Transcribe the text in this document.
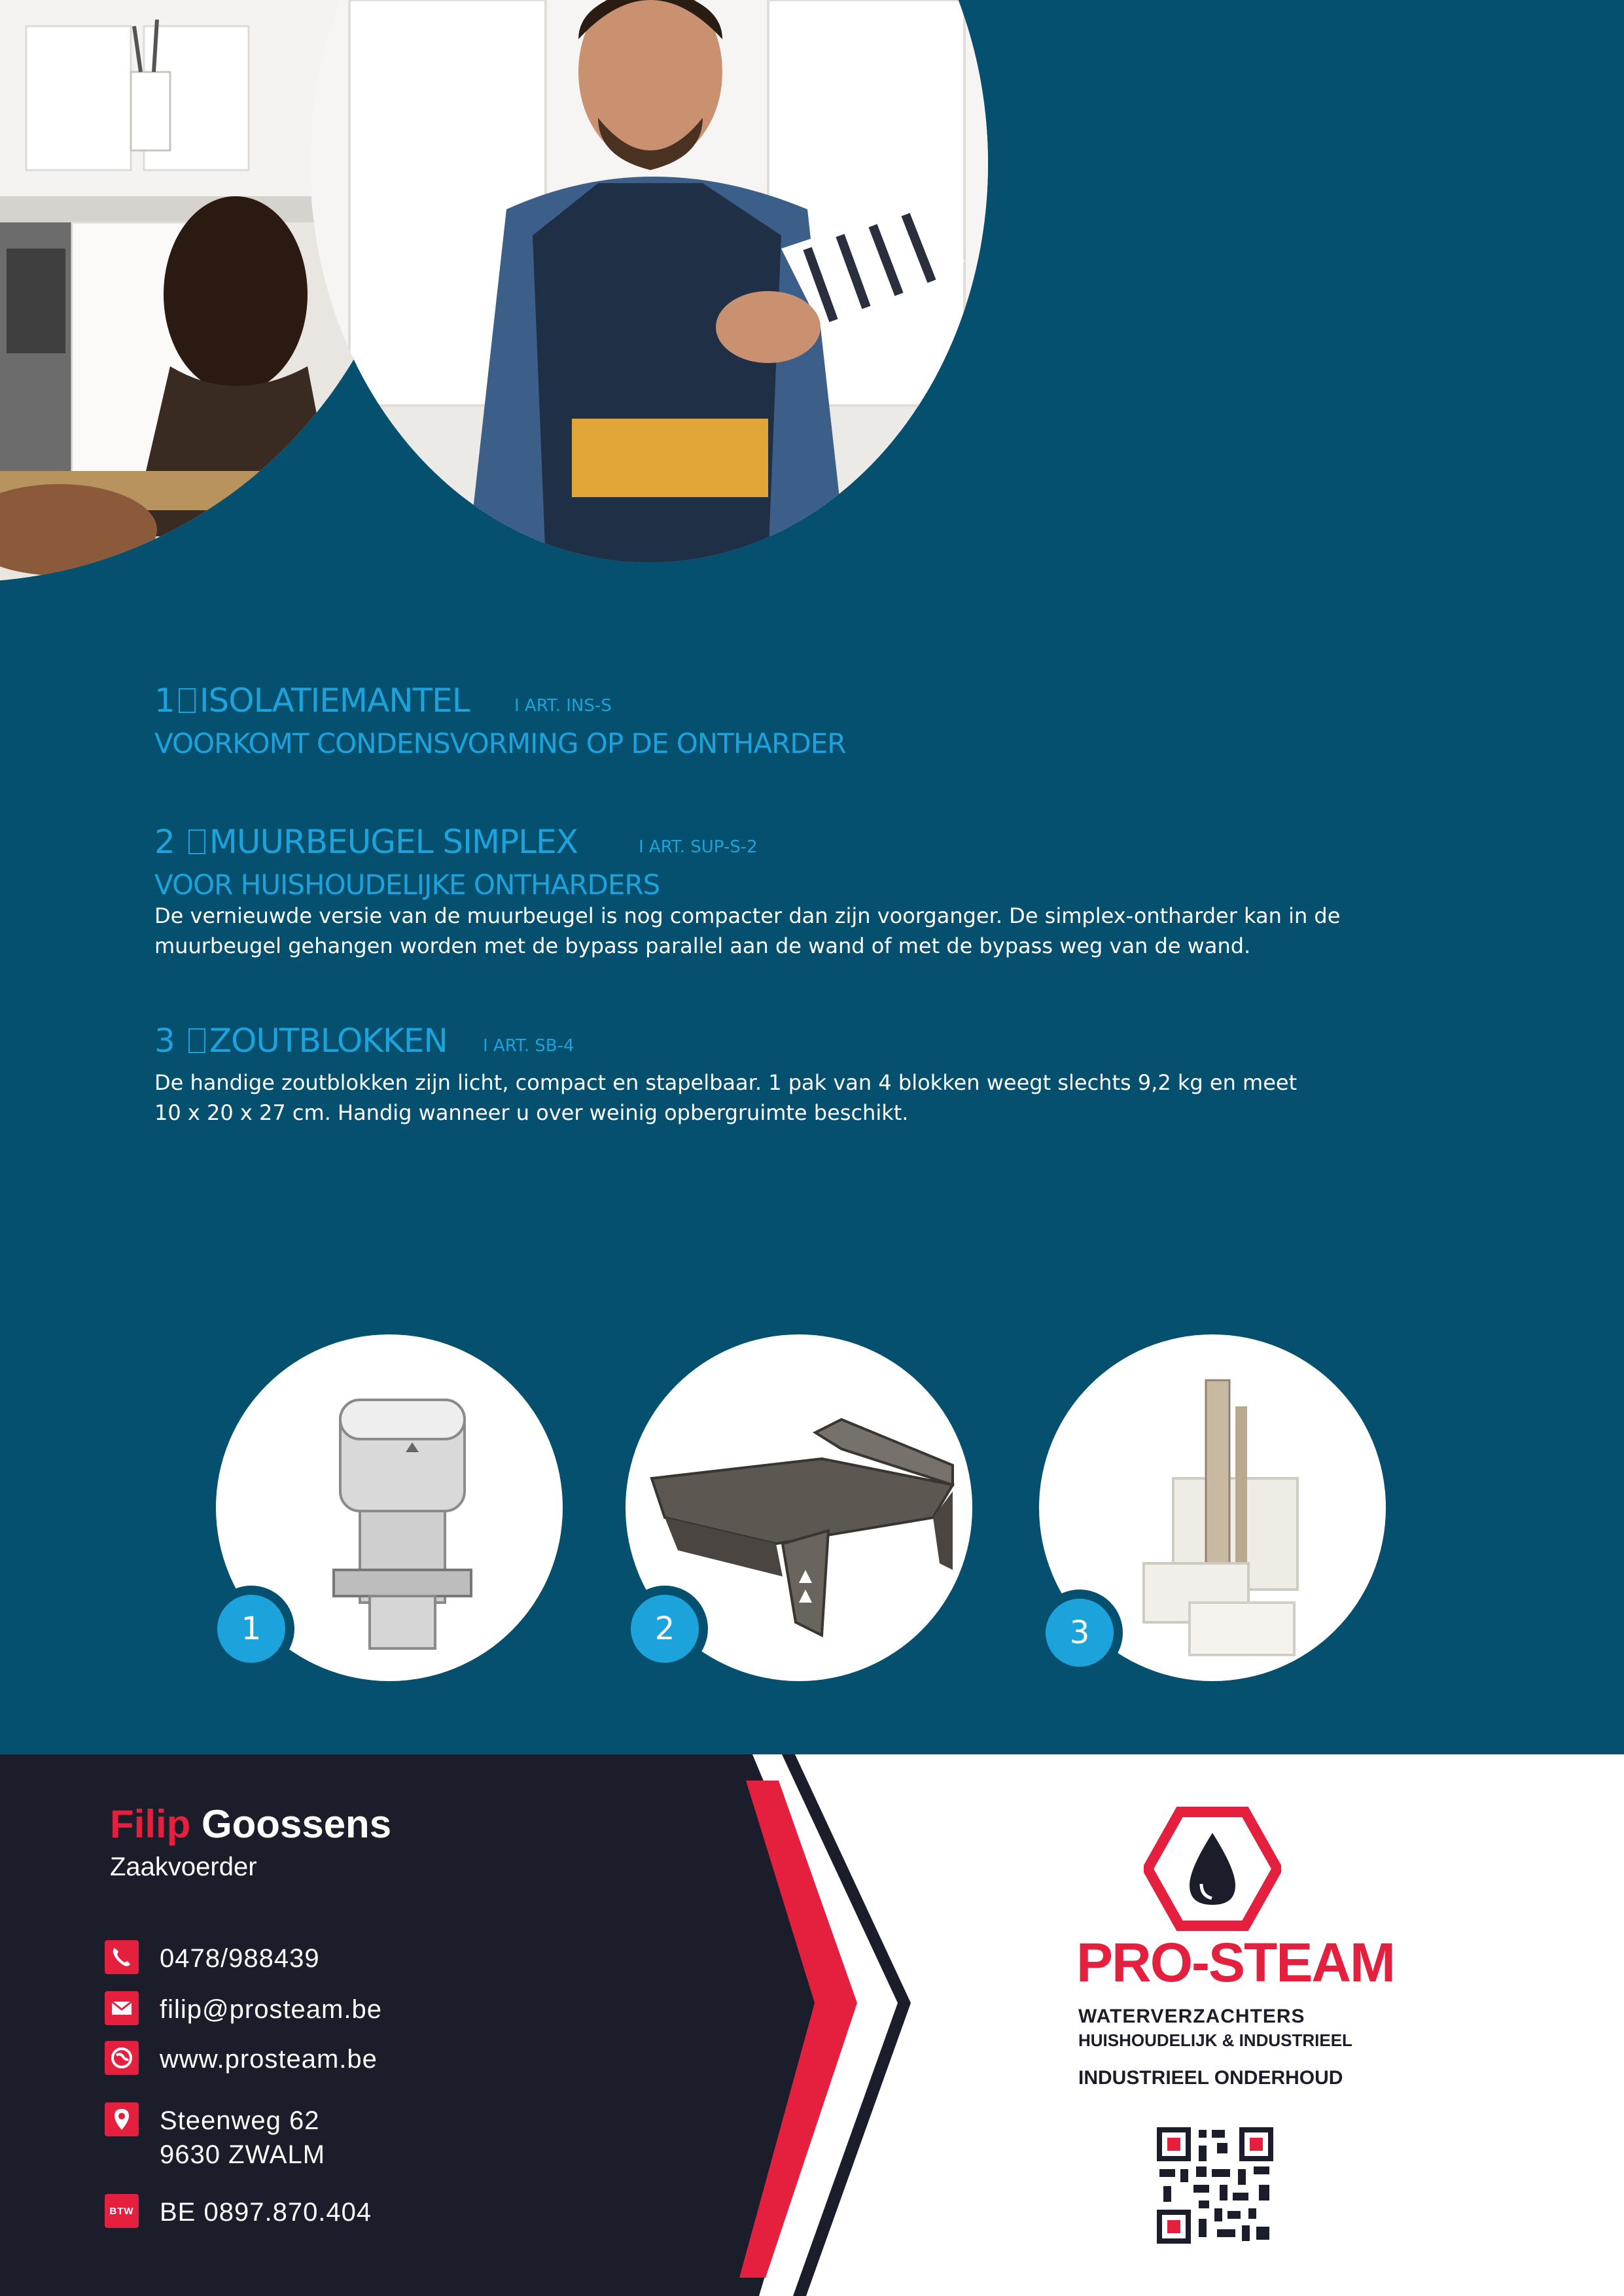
1 ISOLATIEMANTEL	I ART. INS-S
VOORKOMT CONDENSVORMING OP DE ONTHARDER
2 MUURBEUGEL SIMPLEX	I ART. SUP-S-2
VOOR HUISHOUDELIJKE ONTHARDERS
De vernieuwde versie van de muurbeugel is nog compacter dan zijn voorganger. De simplex-ontharder kan in de
muurbeugel gehangen worden met de bypass parallel aan de wand of met de bypass weg van de wand.
3 ZOUTBLOKKEN I ART. SB-4
De handige zoutblokken zijn licht, compact en stapelbaar. 1 pak van 4 blokken weegt slechts 9,2 kg en meet
10 x 20 x 27 cm. Handig wanneer u over weinig opbergruimte beschikt.
1	2	3
Filip Goossens
Zaakvoerder
0478/988439
filip@prosteam.be
www.prosteam.be
Steenweg 62
9630 ZWALM
BTW BE 0897.870.404
PRO-STEAM
WATERVERZACHTERS
HUISHOUDELIJK & INDUSTRIEEL
INDUSTRIEEL ONDERHOUD
